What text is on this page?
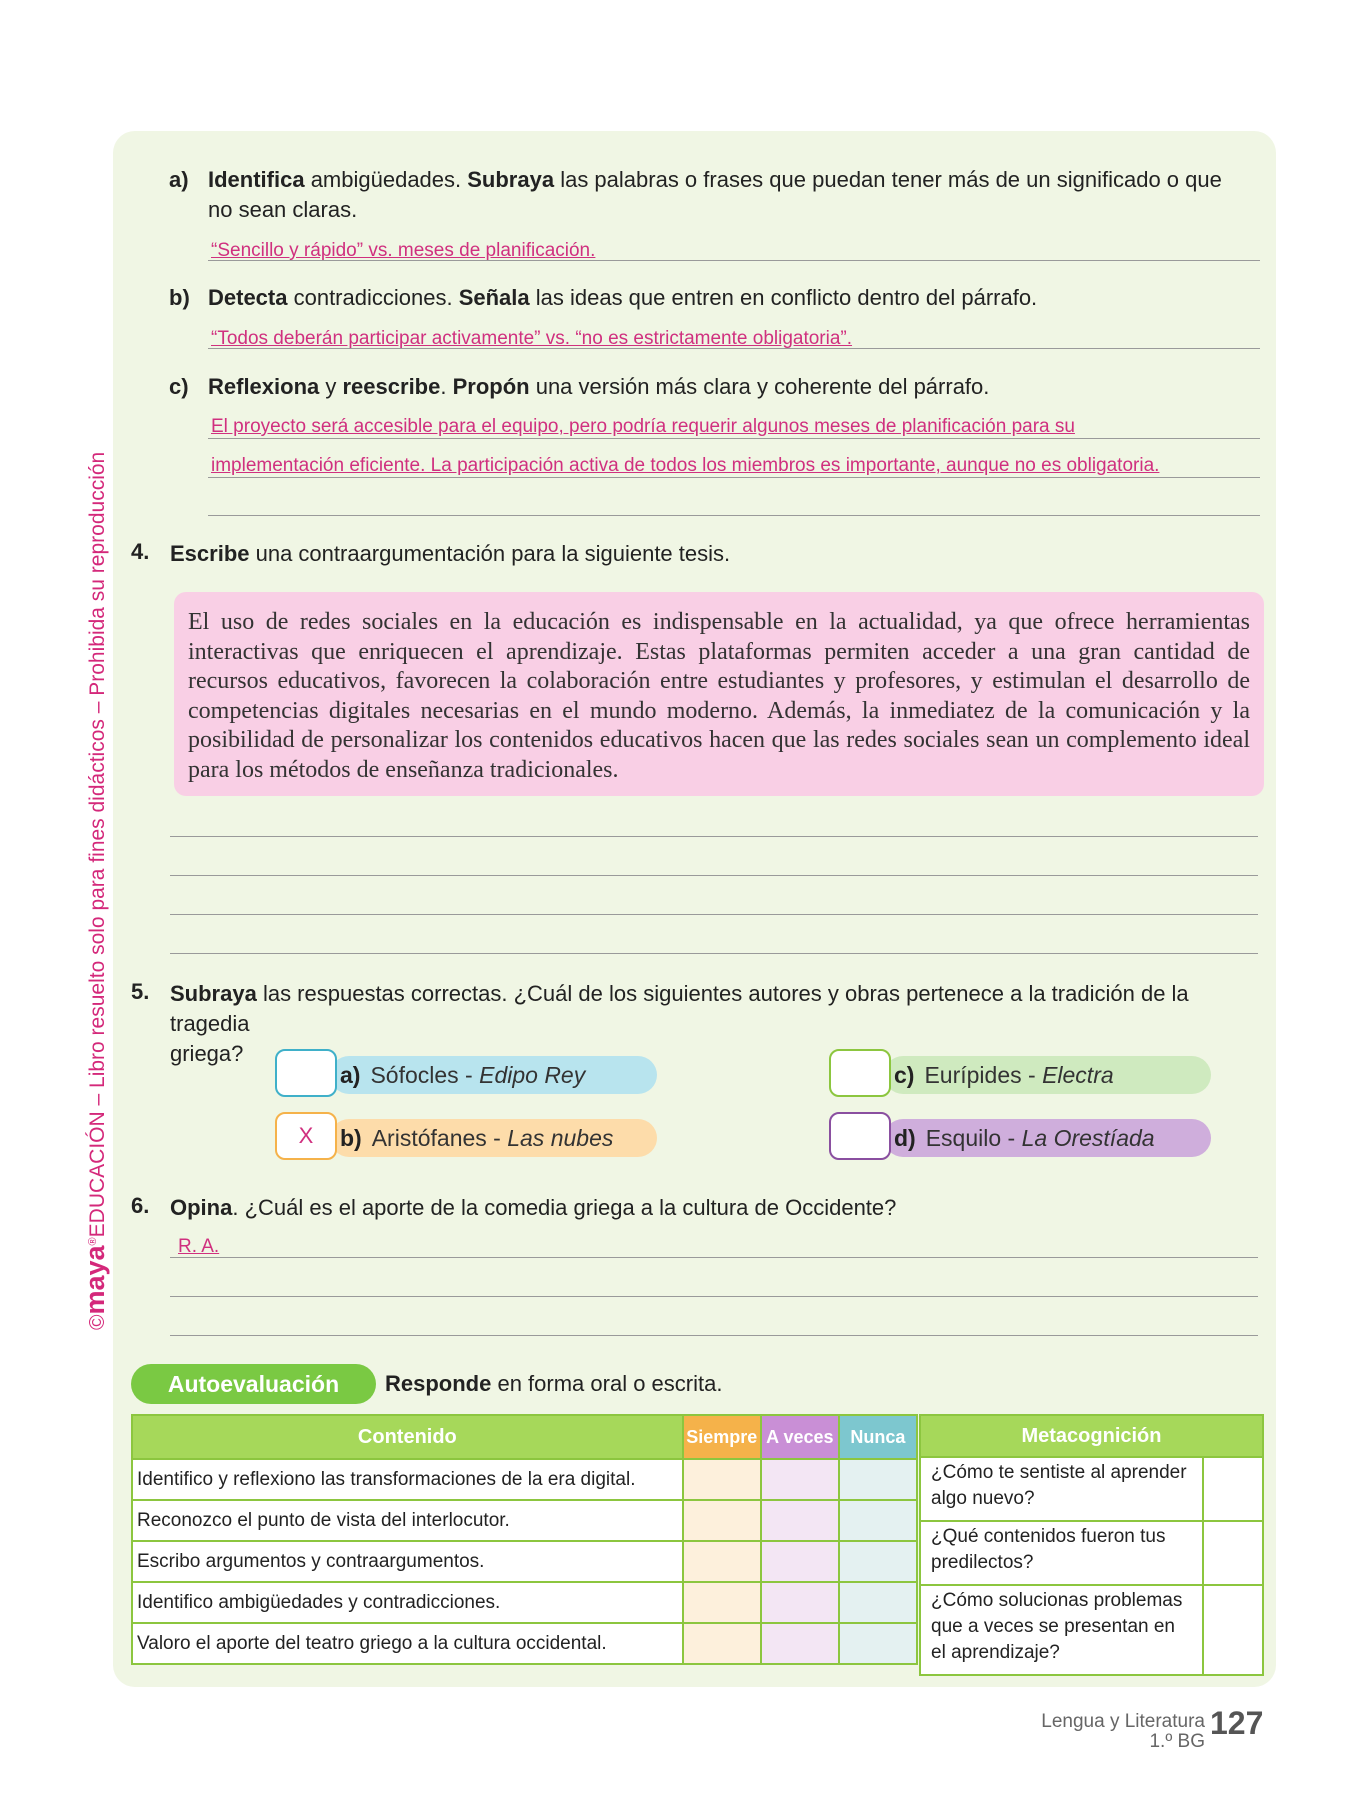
©maya®EDUCACIÓN – Libro resuelto solo para fines didácticos – Prohibida su reproducción
a) Identifica ambigüedades. Subraya las palabras o frases que puedan tener más de un significado o que
no sean claras.
“Sencillo y rápido” vs. meses de planificación.
b) Detecta contradicciones. Señala las ideas que entren en conflicto dentro del párrafo.
“Todos deberán participar activamente” vs. “no es estrictamente obligatoria”.
c) Reflexiona y reescribe. Propón una versión más clara y coherente del párrafo.
El proyecto será accesible para el equipo, pero podría requerir algunos meses de planificación para su
implementación eficiente. La participación activa de todos los miembros es importante, aunque no es obligatoria.
4. Escribe una contraargumentación para la siguiente tesis.
El uso de redes sociales en la educación es indispensable en la actualidad, ya que ofrece herramientas interactivas que enriquecen el aprendizaje. Estas plataformas permiten acceder a una gran cantidad de recursos educativos, favorecen la colaboración entre estudiantes y profesores, y estimulan el desarrollo de competencias digitales necesarias en el mundo moderno. Además, la inmediatez de la comunicación y la posibilidad de personalizar los contenidos educativos hacen que las redes sociales sean un complemento ideal para los métodos de enseñanza tradicionales.
5. Subraya las respuestas correctas. ¿Cuál de los siguientes autores y obras pertenece a la tradición de la tragedia
griega?
a) Sófocles - Edipo Rey
b) Aristófanes - Las nubes
X
c) Eurípides - Electra
d) Esquilo - La Orestíada
6. Opina. ¿Cuál es el aporte de la comedia griega a la cultura de Occidente?
R. A.
Autoevaluación	Responde en forma oral o escrita.
Contenido	Siempre	A veces	Nunca
Identifico y reflexiono las transformaciones de la era digital.			
Reconozco el punto de vista del interlocutor.			
Escribo argumentos y contraargumentos.			
Identifico ambigüedades y contradicciones.			
Valoro el aporte del teatro griego a la cultura occidental.			
Metacognición	
¿Cómo te sentiste al aprender algo nuevo?	
¿Qué contenidos fueron tus predilectos?	
¿Cómo solucionas problemas que a veces se presentan en el aprendizaje?	
Lengua y Literatura
1.º BG
127
